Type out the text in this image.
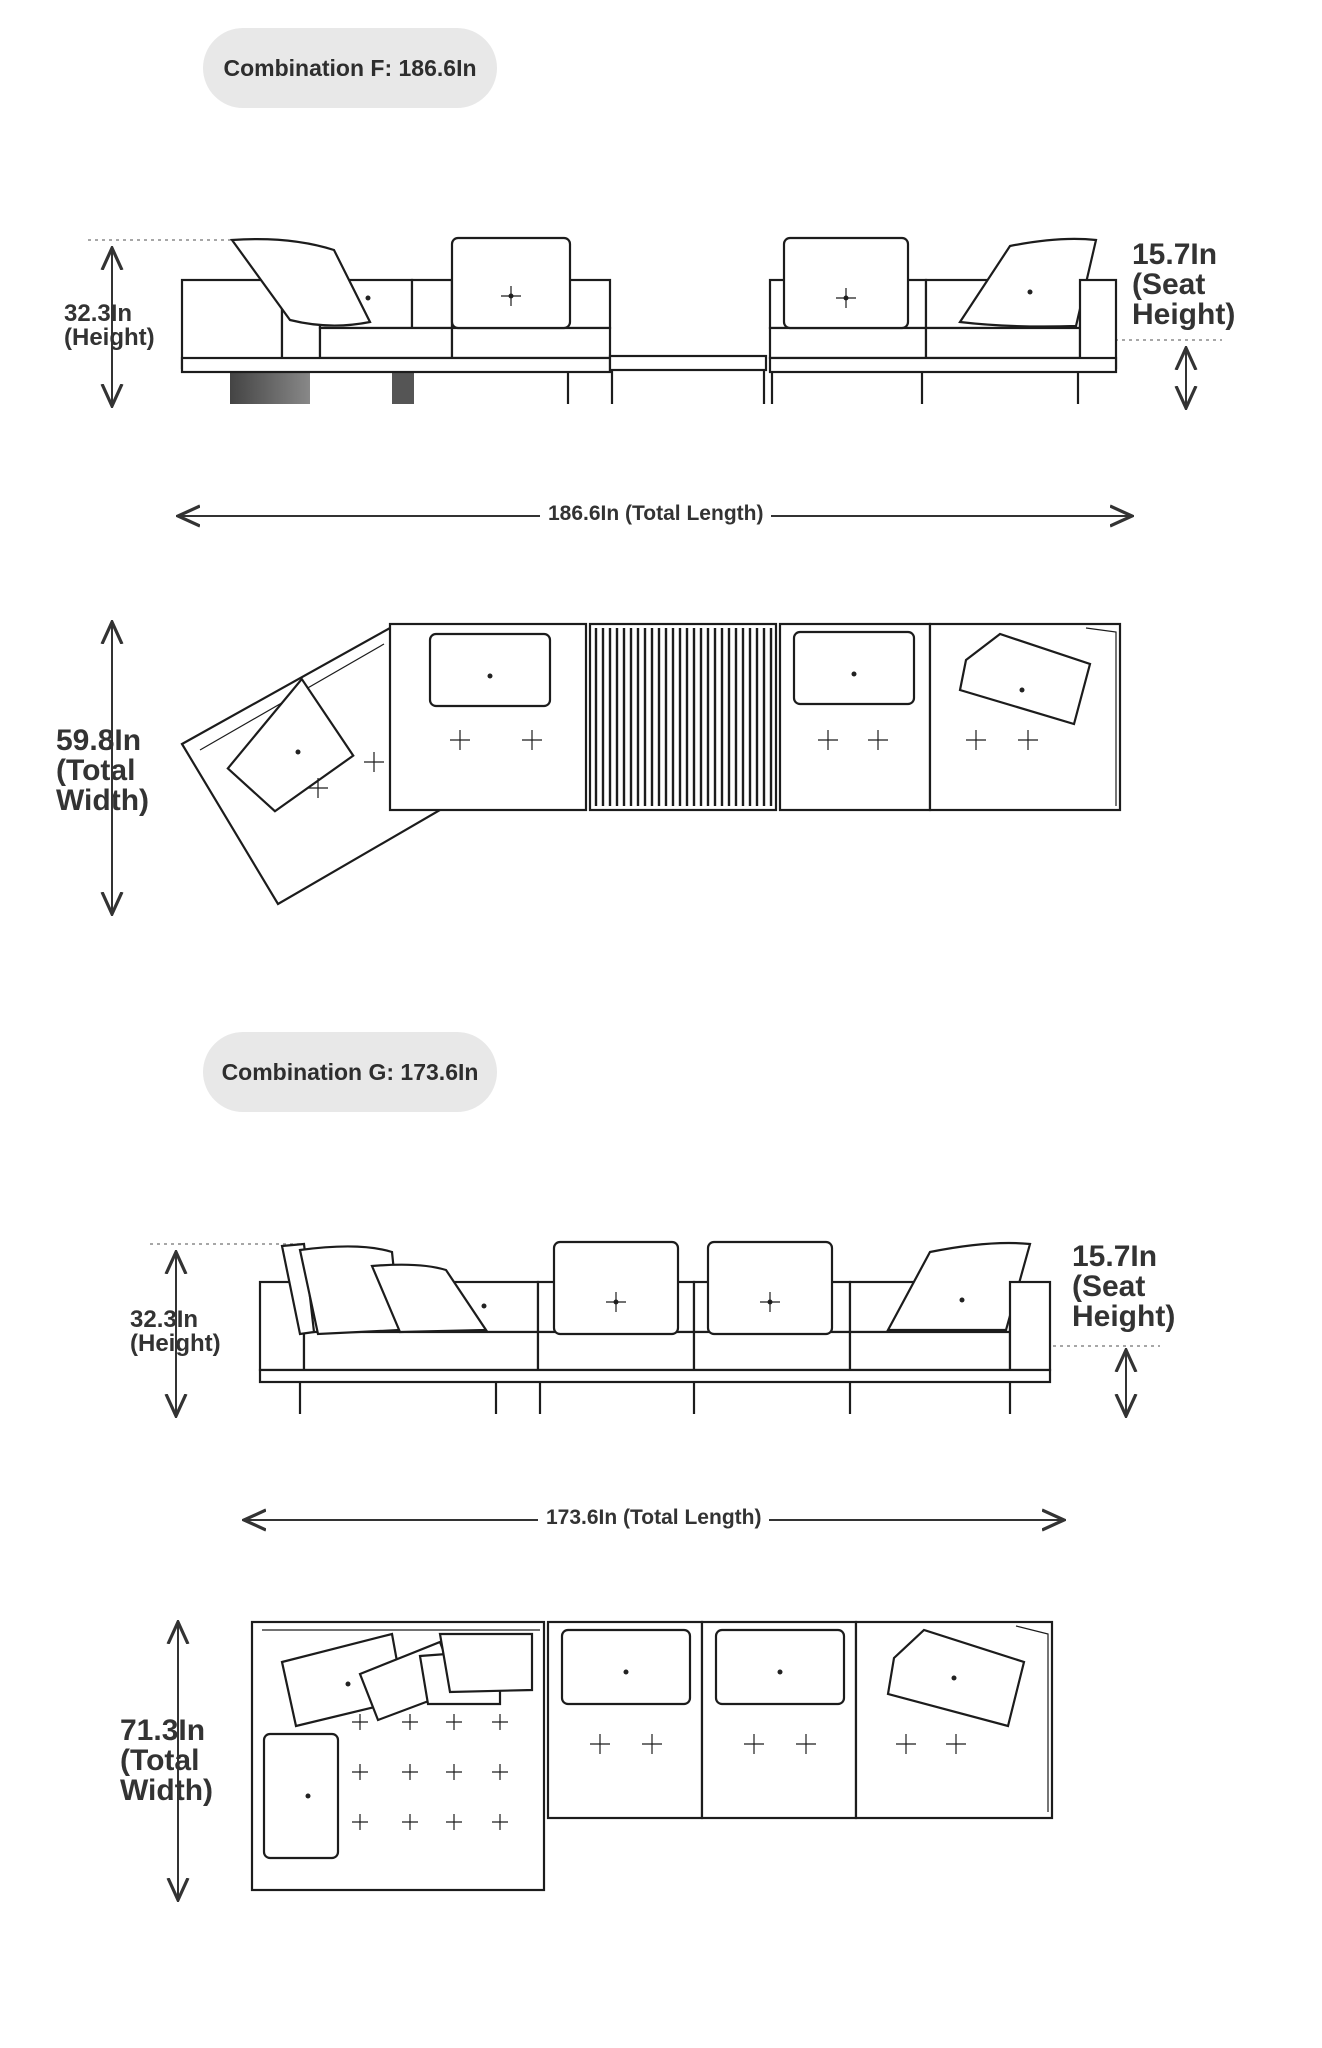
Combination F: 186.6In
Combination G: 173.6In
32.3In
(Height)
15.7In
(Seat
Height)
186.6In (Total Length)
59.8In
(Total
Width)
32.3In
(Height)
15.7In
(Seat
Height)
173.6In (Total Length)
71.3In
(Total
Width)
